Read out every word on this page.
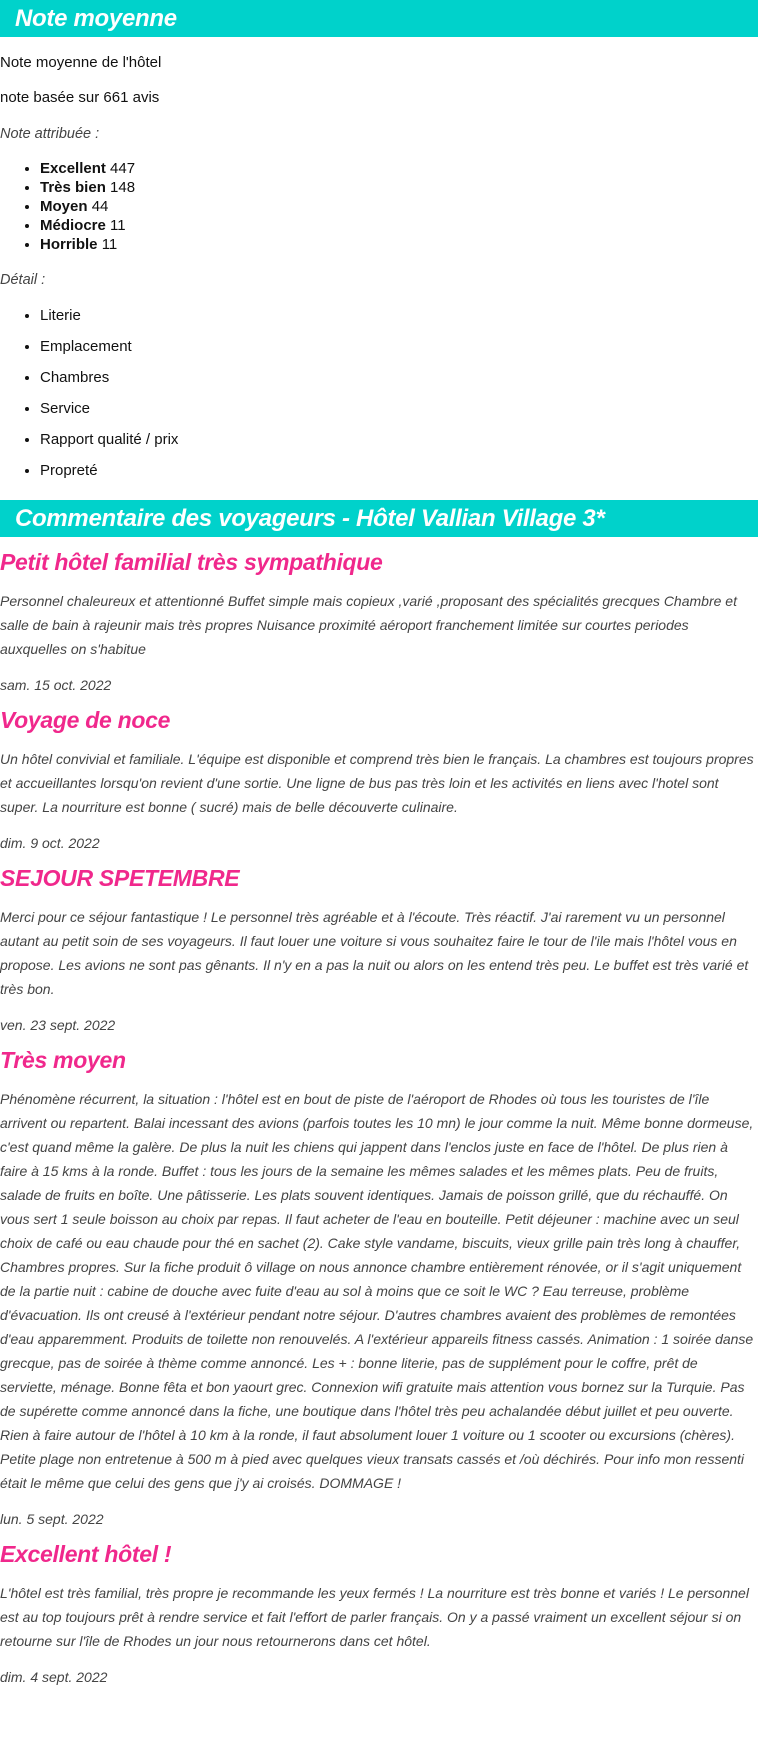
Note moyenne

Note moyenne de l'hôtel

note basée sur 661 avis

Note attribuée :

• Excellent 447
• Très bien 148
• Moyen 44
• Médiocre 11
• Horrible 11

Détail :

• Literie
• Emplacement
• Chambres
• Service
• Rapport qualité / prix
• Propreté
Commentaire des voyageurs - Hôtel Vallian Village 3*
Petit hôtel familial très sympathique

Personnel chaleureux et attentionné Buffet simple mais copieux ,varié ,proposant des spécialités grecques Chambre et salle de bain à rajeunir mais très propres Nuisance proximité aéroport franchement limitée sur courtes periodes auxquelles on s'habitue

sam. 15 oct. 2022

Voyage de noce

Un hôtel convivial et familiale. L'équipe est disponible et comprend très bien le français. La chambres est toujours propres et accueillantes lorsqu'on revient d'une sortie. Une ligne de bus pas très loin et les activités en liens avec l'hotel sont super. La nourriture est bonne ( sucré) mais de belle découverte culinaire.

dim. 9 oct. 2022

SEJOUR SPETEMBRE

Merci pour ce séjour fantastique ! Le personnel très agréable et à l'écoute. Très réactif. J'ai rarement vu un personnel autant au petit soin de ses voyageurs. Il faut louer une voiture si vous souhaitez faire le tour de l'ile mais l'hôtel vous en propose. Les avions ne sont pas gênants. Il n'y en a pas la nuit ou alors on les entend très peu. Le buffet est très varié et très bon.

ven. 23 sept. 2022

Très moyen

Phénomène récurrent, la situation : l'hôtel est en bout de piste de l'aéroport de Rhodes où tous les touristes de l'île arrivent ou repartent. Balai incessant des avions (parfois toutes les 10 mn) le jour comme la nuit. Même bonne dormeuse, c'est quand même la galère. De plus la nuit les chiens qui jappent dans l'enclos juste en face de l'hôtel. De plus rien à faire à 15 kms à la ronde. Buffet : tous les jours de la semaine les mêmes salades et les mêmes plats. Peu de fruits, salade de fruits en boîte. Une pâtisserie. Les plats souvent identiques. Jamais de poisson grillé, que du réchauffé. On vous sert 1 seule boisson au choix par repas. Il faut acheter de l'eau en bouteille. Petit déjeuner : machine avec un seul choix de café ou eau chaude pour thé en sachet (2). Cake style vandame, biscuits, vieux grille pain très long à chauffer, Chambres propres. Sur la fiche produit ô village on nous annonce chambre entièrement rénovée, or il s'agit uniquement de la partie nuit : cabine de douche avec fuite d'eau au sol à moins que ce soit le WC ? Eau terreuse, problème d'évacuation. Ils ont creusé à l'extérieur pendant notre séjour. D'autres chambres avaient des problèmes de remontées d'eau apparemment. Produits de toilette non renouvelés. A l'extérieur appareils fitness cassés. Animation : 1 soirée danse grecque, pas de soirée à thème comme annoncé. Les + : bonne literie, pas de supplément pour le coffre, prêt de serviette, ménage. Bonne fêta et bon yaourt grec. Connexion wifi gratuite mais attention vous bornez sur la Turquie. Pas de supérette comme annoncé dans la fiche, une boutique dans l'hôtel très peu achalandée début juillet et peu ouverte. Rien à faire autour de l'hôtel à 10 km à la ronde, il faut absolument louer 1 voiture ou 1 scooter ou excursions (chères). Petite plage non entretenue à 500 m à pied avec quelques vieux transats cassés et /où déchirés. Pour info mon ressenti était le même que celui des gens que j'y ai croisés. DOMMAGE !

lun. 5 sept. 2022

Excellent hôtel !

L'hôtel est très familial, très propre je recommande les yeux fermés ! La nourriture est très bonne et variés ! Le personnel est au top toujours prêt à rendre service et fait l'effort de parler français. On y a passé vraiment un excellent séjour si on retourne sur l'île de Rhodes un jour nous retournerons dans cet hôtel.

dim. 4 sept. 2022
